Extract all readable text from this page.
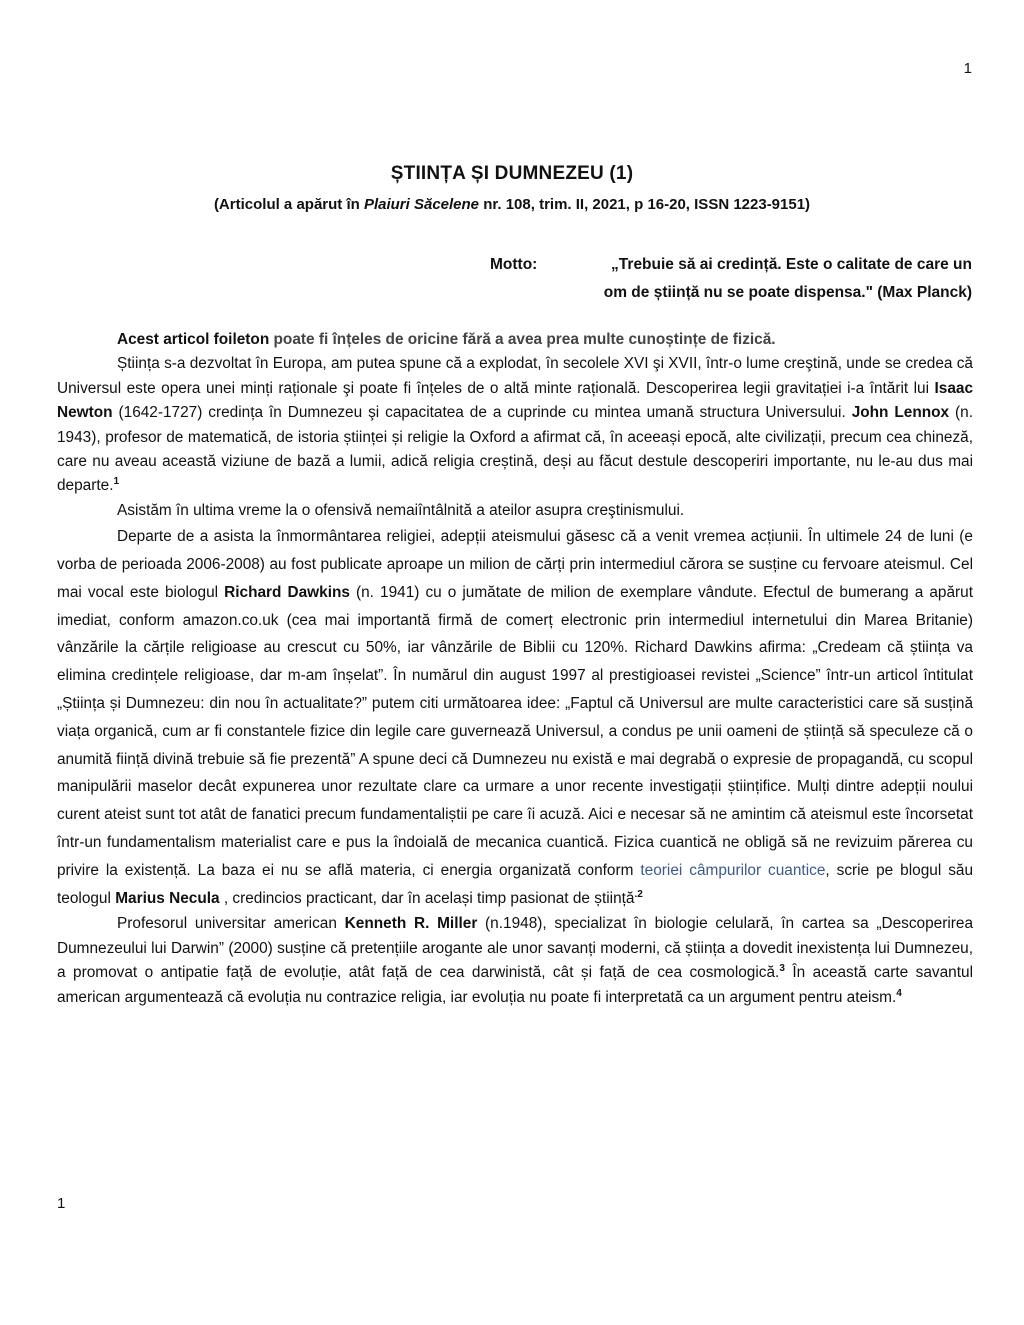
1
ȘTIINȚA ȘI DUMNEZEU (1)
(Articolul a apărut în Plaiuri Săcelene nr. 108, trim. II, 2021, p 16-20, ISSN 1223-9151)
Motto:	„Trebuie să ai credință. Este o calitate de care un
om de știință nu se poate dispensa." (Max Planck)

Acest articol foileton poate fi înțeles de oricine fără a avea prea multe cunoștințe de fizică.

Știința s-a dezvoltat în Europa, am putea spune că a explodat, în secolele XVI şi XVII, într-o lume creştină, unde se credea că Universul este opera unei minți raționale şi poate fi înțeles de o altă minte rațională. Descoperirea legii gravitației i-a întărit lui Isaac Newton (1642-1727) credința în Dumnezeu şi capacitatea de a cuprinde cu mintea umană structura Universului. John Lennox (n. 1943), profesor de matematică, de istoria științei și religie la Oxford a afirmat că, în aceeași epocă, alte civilizații, precum cea chineză, care nu aveau această viziune de bază a lumii, adică religia creștină, deși au făcut destule descoperiri importante, nu le-au dus mai departe.$^1$

Asistăm în ultima vreme la o ofensivă nemaiîntâlnită a ateilor asupra creştinismului.

Departe de a asista la înmormântarea religiei, adepții ateismului găsesc că a venit vremea acțiunii. În ultimele 24 de luni (e vorba de perioada 2006-2008) au fost publicate aproape un milion de cărți prin intermediul cărora se susține cu fervoare ateismul. Cel mai vocal este biologul Richard Dawkins (n. 1941) cu o jumătate de milion de exemplare vândute. Efectul de bumerang a apărut imediat, conform amazon.co.uk (cea mai importantă firmă de comerț electronic prin intermediul internetului din Marea Britanie) vânzările la cărțile religioase au crescut cu 50%, iar vânzările de Biblii cu 120%. Richard Dawkins afirma: „Credeam că știința va elimina credințele religioase, dar m-am înșelat”. În numărul din august 1997 al prestigioasei revistei „Science” într-un articol întitulat „Știința și Dumnezeu: din nou în actualitate?” putem citi următoarea idee: „Faptul că Universul are multe caracteristici care să susțină viața organică, cum ar fi constantele fizice din legile care guvernează Universul, a condus pe unii oameni de știință să speculeze că o anumită ființă divină trebuie să fie prezentă” A spune deci că Dumnezeu nu există e mai degrabă o expresie de propagandă, cu scopul manipulării maselor decât expunerea unor rezultate clare ca urmare a unor recente investigații științifice. Mulți dintre adepții noului curent ateist sunt tot atât de fanatici precum fundamentaliștii pe care îi acuză. Aici e necesar să ne amintim că ateismul este încorsetat într-un fundamentalism materialist care e pus la îndoială de mecanica cuantică. Fizica cuantică ne obligă să ne revizuim părerea cu privire la existență. La baza ei nu se află materia, ci energia organizată conform teoriei câmpurilor cuantice, scrie pe blogul său teologul Marius Necula , credincios practicant, dar în același timp pasionat de știință$^{.2}$

Profesorul universitar american Kenneth R. Miller (n.1948), specializat în biologie celulară, în cartea sa „Descoperirea Dumnezeului lui Darwin” (2000) susține că pretențiile arogante ale unor savanți moderni, că știința a dovedit inexistența lui Dumnezeu, a promovat o antipatie față de evoluție, atât față de cea darwinistă, cât și față de cea cosmologică.$^3$ În această carte savantul american argumentează că evoluția nu contrazice religia, iar evoluția nu poate fi interpretată ca un argument pentru ateism.$^4$

1
